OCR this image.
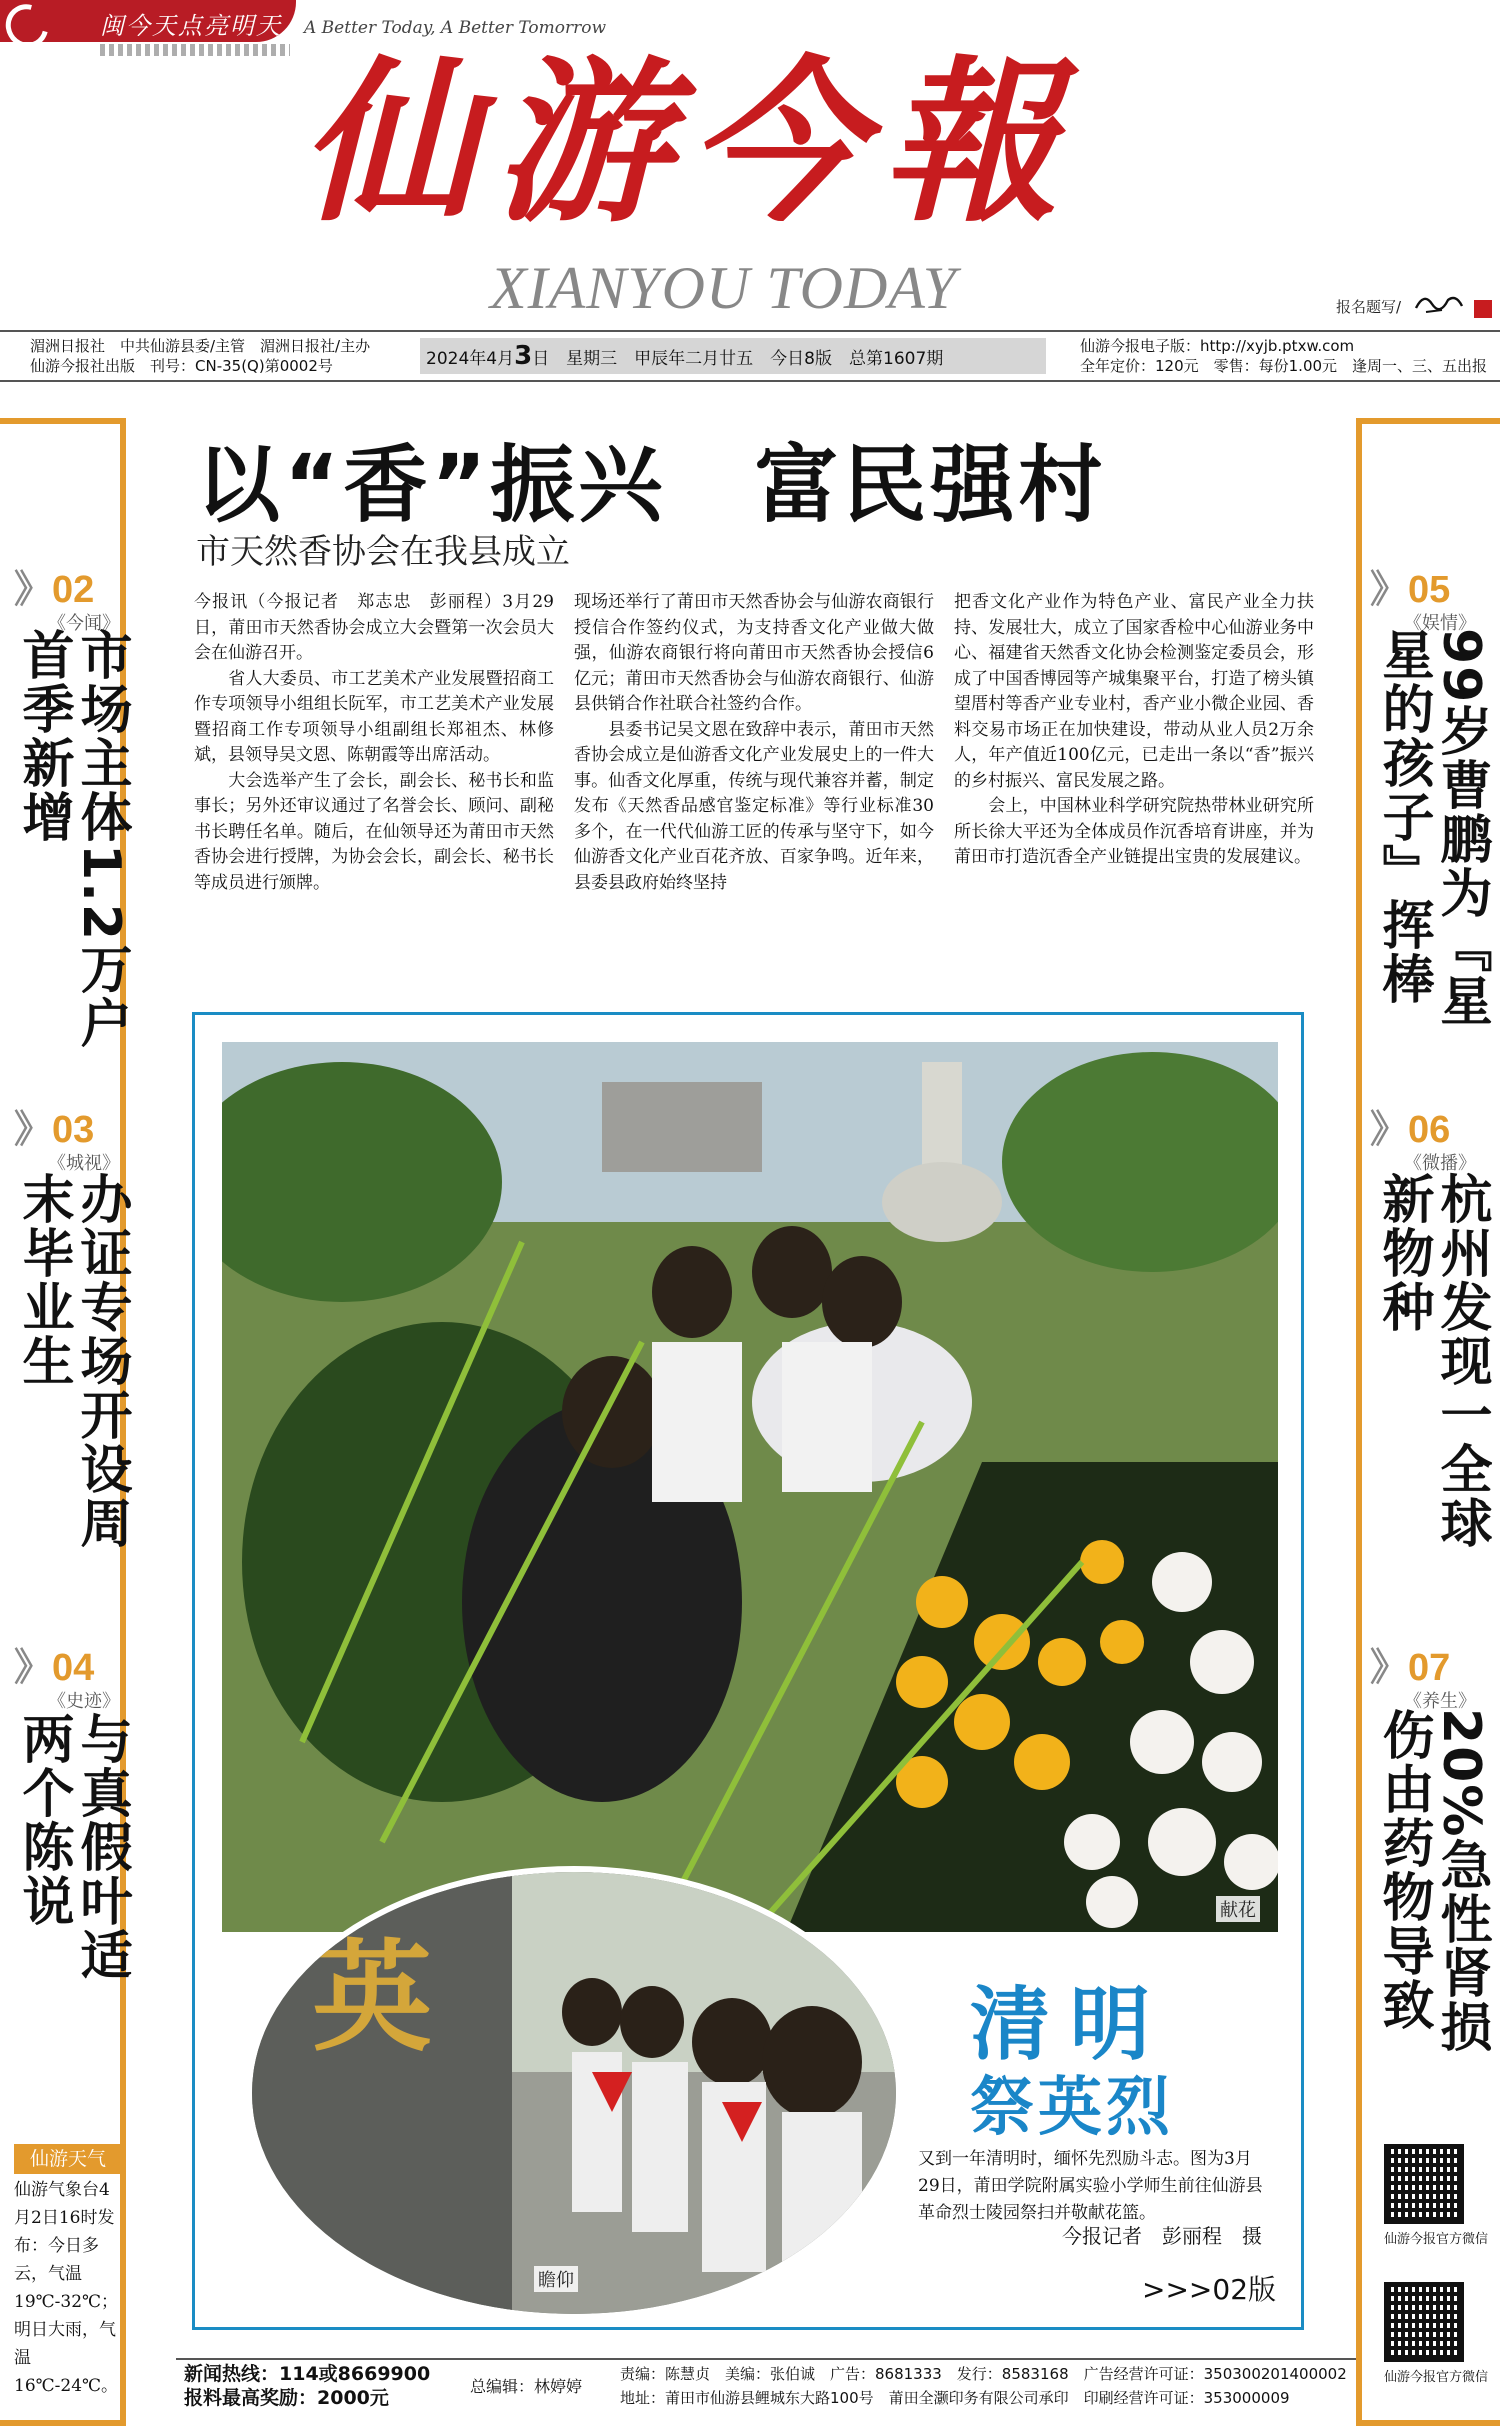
闽今天点亮明天 A Better Today, A Better Tomorrow
仙游今報
XIANYOU TODAY	报名题写/
湄洲日报社　中共仙游县委/主管　湄洲日报社/主办
仙游今报社出版　刊号：CN-35(Q)第0002号	2024年4月3日　星期三　甲辰年二月廿五　今日8版　总第1607期
仙游今报电子版：http://xyjb.ptxw.com
全年定价：120元　零售：每份1.00元　逢周一、三、五出报
》02
《今闻》
市场主体1.2万户首季新增
》03
《城视》
办证专场开设周末毕业生
》04
《史迹》
与真假叶适两个陈说
》05
《娱情》
99岁曹鹏为『星星的孩子』挥棒
》06
《微播》
杭州发现一全球新物种
》07
《养生》
20%急性肾损伤由药物导致
仙游今报官方微信
仙游今报官方微信
仙游天气
仙游气象台4月2日16时发布：今日多云，气温19℃-32℃；明日大雨，气温16℃-24℃。
以“香”振兴　富民强村
市天然香协会在我县成立
今报讯（今报记者　郑志忠　彭丽程）3月29日，莆田市天然香协会成立大会暨第一次会员大会在仙游召开。
　　省人大委员、市工艺美术产业发展暨招商工作专项领导小组组长阮军，市工艺美术产业发展暨招商工作专项领导小组副组长郑祖杰、林修斌，县领导吴文恩、陈朝霞等出席活动。
　　大会选举产生了会长，副会长、秘书长和监事长；另外还审议通过了名誉会长、顾问、副秘书长聘任名单。随后，在仙领导还为莆田市天然香协会进行授牌，为协会会长，副会长、秘书长等成员进行颁牌。
现场还举行了莆田市天然香协会与仙游农商银行授信合作签约仪式，为支持香文化产业做大做强，仙游农商银行将向莆田市天然香协会授信6亿元；莆田市天然香协会与仙游农商银行、仙游县供销合作社联合社签约合作。
　　县委书记吴文恩在致辞中表示，莆田市天然香协会成立是仙游香文化产业发展史上的一件大事。仙香文化厚重，传统与现代兼容并蓄，制定发布《天然香品感官鉴定标准》等行业标准30多个，在一代代仙游工匠的传承与坚守下，如今仙游香文化产业百花齐放、百家争鸣。近年来，县委县政府始终坚持
把香文化产业作为特色产业、富民产业全力扶持、发展壮大，成立了国家香检中心仙游业务中心、福建省天然香文化协会检测鉴定委员会，形成了中国香博园等产城集聚平台，打造了榜头镇望厝村等香产业专业村，香产业小微企业园、香料交易市场正在加快建设，带动从业人员2万余人，年产值近100亿元，已走出一条以“香”振兴的乡村振兴、富民发展之路。
　　会上，中国林业科学研究院热带林业研究所所长徐大平还为全体成员作沉香培育讲座，并为莆田市打造沉香全产业链提出宝贵的发展建议。
献花
英
瞻仰
清明
祭英烈
又到一年清明时，缅怀先烈励斗志。图为3月29日，莆田学院附属实验小学师生前往仙游县革命烈士陵园祭扫并敬献花篮。
今报记者　彭丽程　摄
>>>02版
新闻热线：114或8669900
报料最高奖励：2000元
总编辑：林婷婷
责编：陈慧贞　美编：张伯诚　广告：8681333　发行：8583168　广告经营许可证：350300201400002
地址：莆田市仙游县鲤城东大路100号　莆田全灏印务有限公司承印　印刷经营许可证：353000009
